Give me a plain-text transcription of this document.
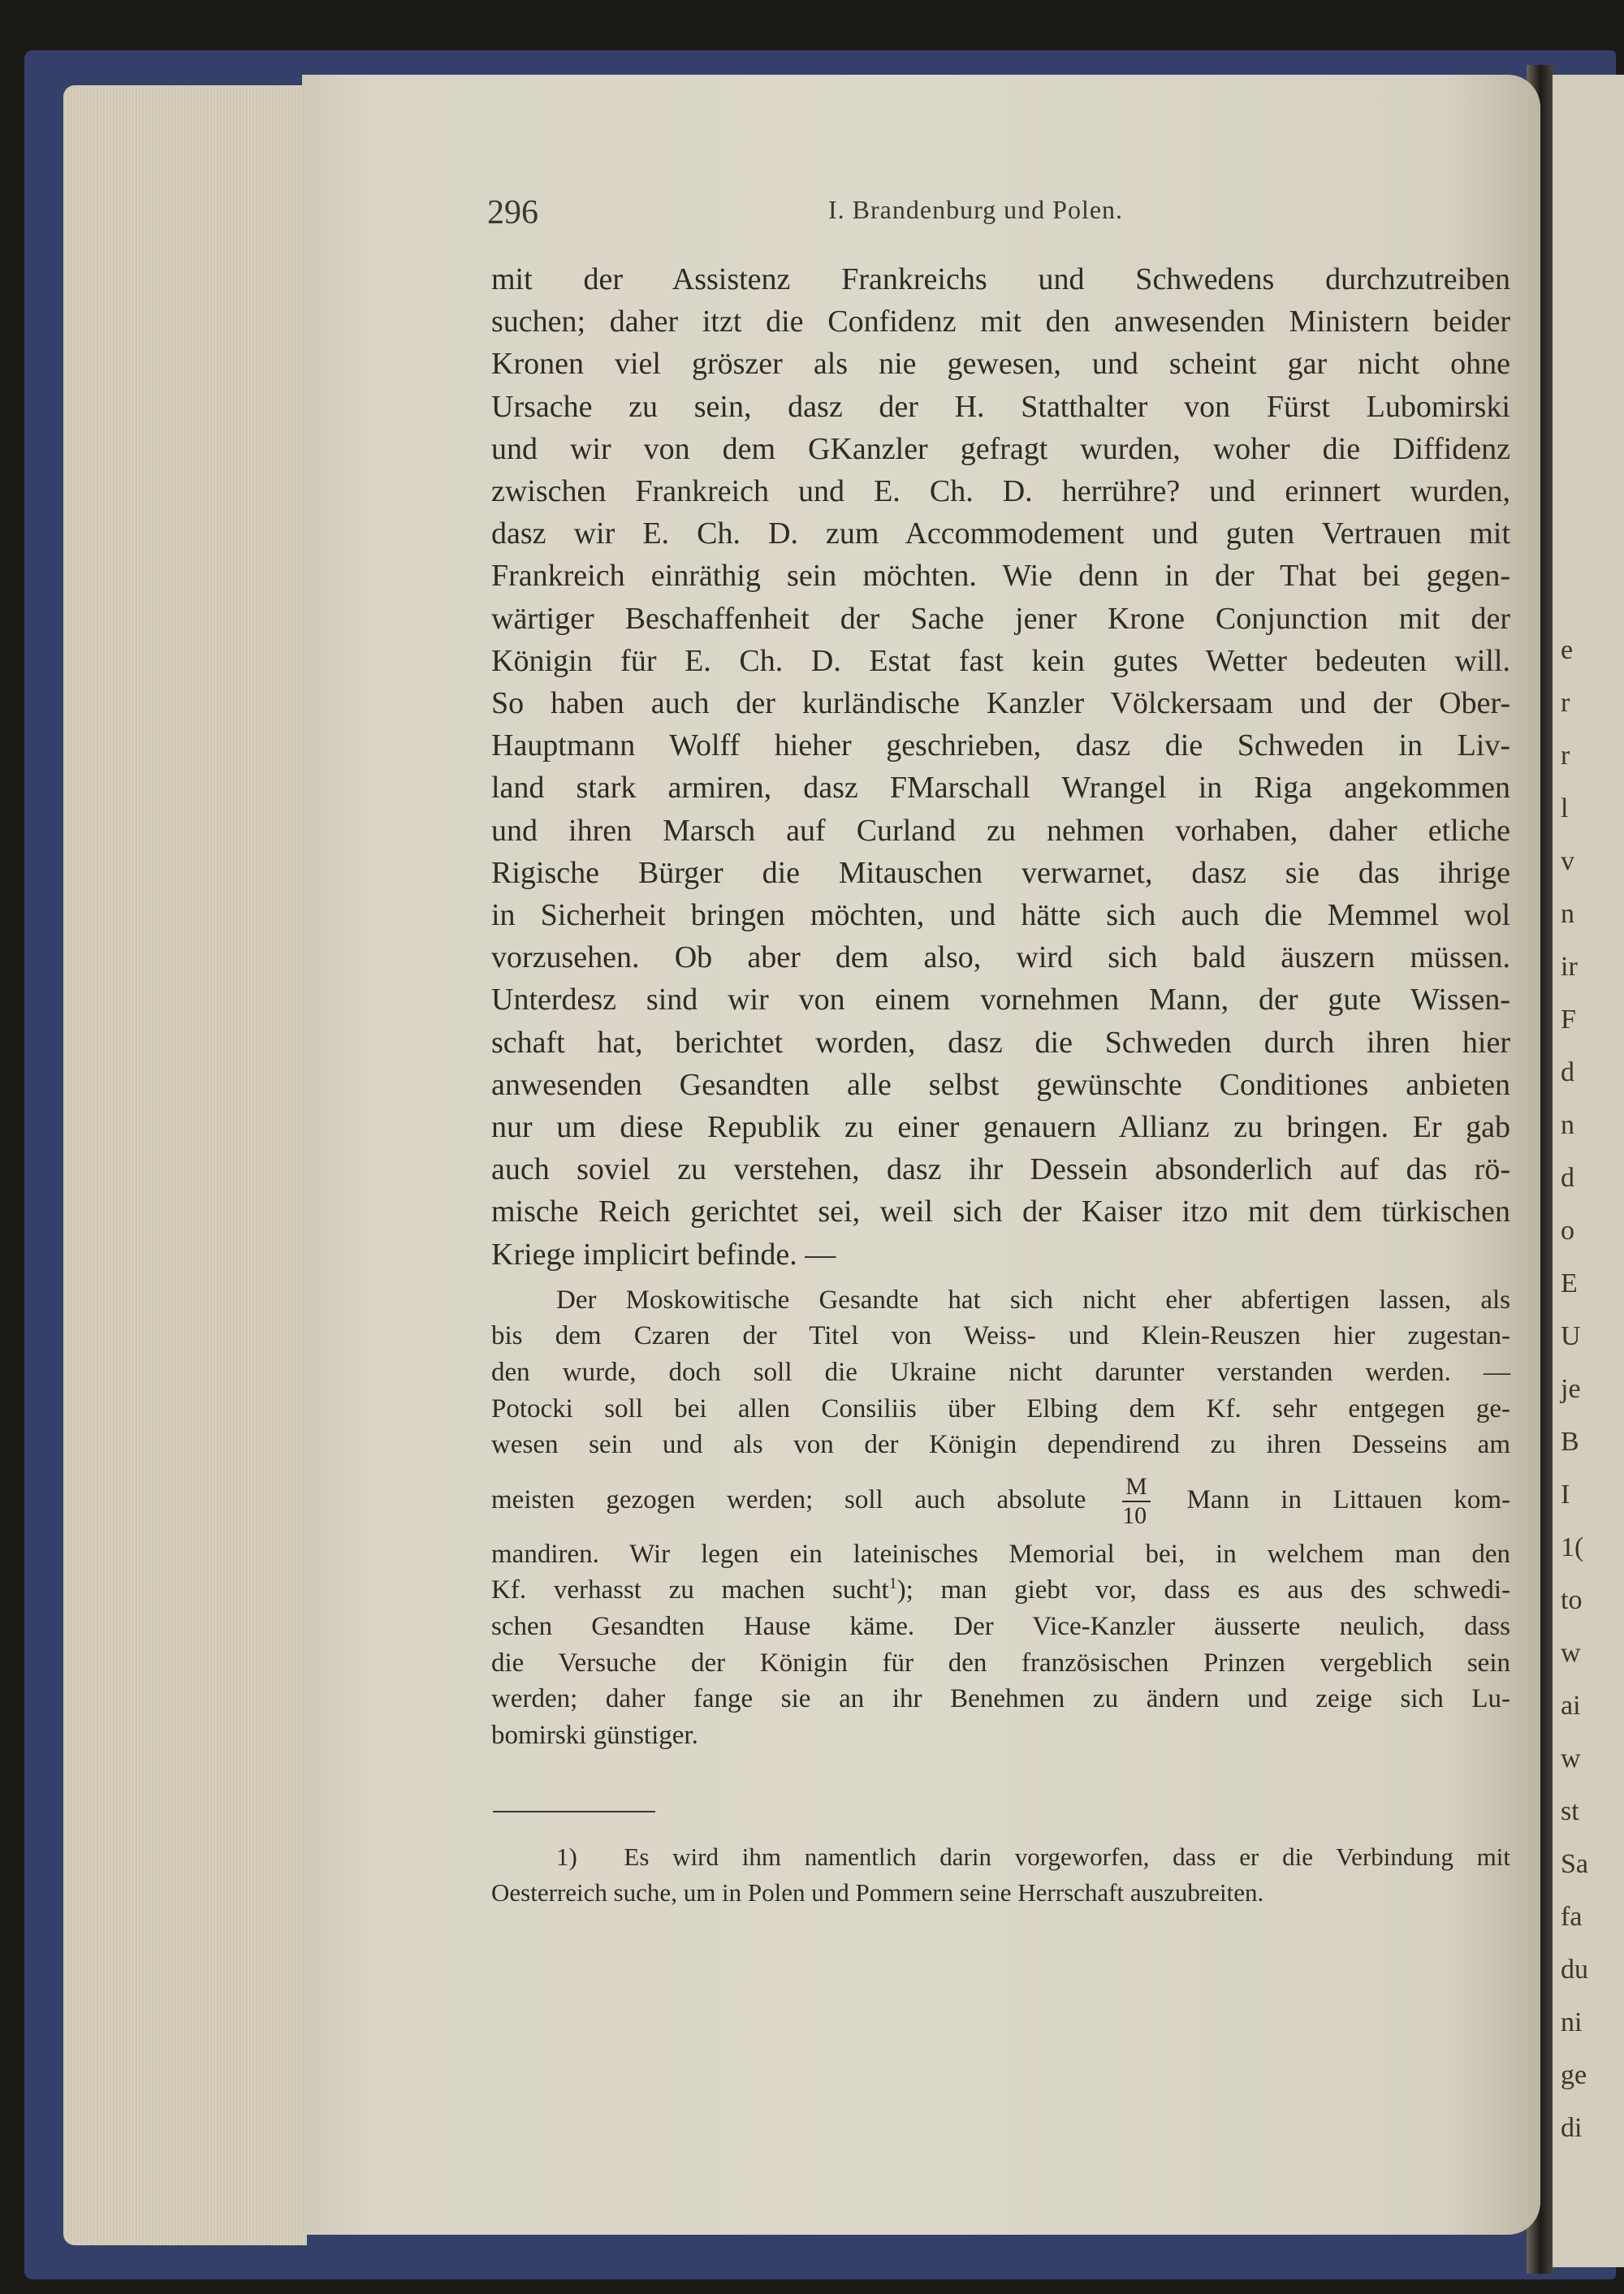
e
r
r
l
v
n
ir
F
d
n
d
o
E
U
je
B
I
1(
to
w
ai
w
st
Sa
fa
du
ni
ge
di
296	I. Brandenburg und Polen.

mit der Assistenz Frankreichs und Schwedens durchzutreiben

suchen; daher itzt die Confidenz mit den anwesenden Ministern beider

Kronen viel gröszer als nie gewesen, und scheint gar nicht ohne

Ursache zu sein, dasz der H. Statthalter von Fürst Lubomirski

und wir von dem GKanzler gefragt wurden, woher die Diffidenz

zwischen Frankreich und E. Ch. D. herrühre? und erinnert wurden,

dasz wir E. Ch. D. zum Accommodement und guten Vertrauen mit

Frankreich einräthig sein möchten. Wie denn in der That bei gegen-

wärtiger Beschaffenheit der Sache jener Krone Conjunction mit der

Königin für E. Ch. D. Estat fast kein gutes Wetter bedeuten will.

So haben auch der kurländische Kanzler Völckersaam und der Ober-

Hauptmann Wolff hieher geschrieben, dasz die Schweden in Liv-

land stark armiren, dasz FMarschall Wrangel in Riga angekommen

und ihren Marsch auf Curland zu nehmen vorhaben, daher etliche

Rigische Bürger die Mitauschen verwarnet, dasz sie das ihrige

in Sicherheit bringen möchten, und hätte sich auch die Memmel wol

vorzusehen. Ob aber dem also, wird sich bald äuszern müssen.

Unterdesz sind wir von einem vornehmen Mann, der gute Wissen-

schaft hat, berichtet worden, dasz die Schweden durch ihren hier

anwesenden Gesandten alle selbst gewünschte Conditiones anbieten

nur um diese Republik zu einer genauern Allianz zu bringen. Er gab

auch soviel zu verstehen, dasz ihr Dessein absonderlich auf das rö-

mische Reich gerichtet sei, weil sich der Kaiser itzo mit dem türkischen

Kriege implicirt befinde. —

Der Moskowitische Gesandte hat sich nicht eher abfertigen lassen, als

bis dem Czaren der Titel von Weiss- und Klein-Reuszen hier zugestan-

den wurde, doch soll die Ukraine nicht darunter verstanden werden. —

Potocki soll bei allen Consiliis über Elbing dem Kf. sehr entgegen ge-

wesen sein und als von der Königin dependirend zu ihren Desseins am

meisten gezogen werden; soll auch absolute $\frac{M}{10}$ Mann in Littauen kom-

mandiren. Wir legen ein lateinisches Memorial bei, in welchem man den

Kf. verhasst zu machen sucht$^1$); man giebt vor, dass es aus des schwedi-

schen Gesandten Hause käme. Der Vice-Kanzler äusserte neulich, dass

die Versuche der Königin für den französischen Prinzen vergeblich sein

werden; daher fange sie an ihr Benehmen zu ändern und zeige sich Lu-

bomirski günstiger.

1) Es wird ihm namentlich darin vorgeworfen, dass er die Verbindung mit

Oesterreich suche, um in Polen und Pommern seine Herrschaft auszubreiten.
